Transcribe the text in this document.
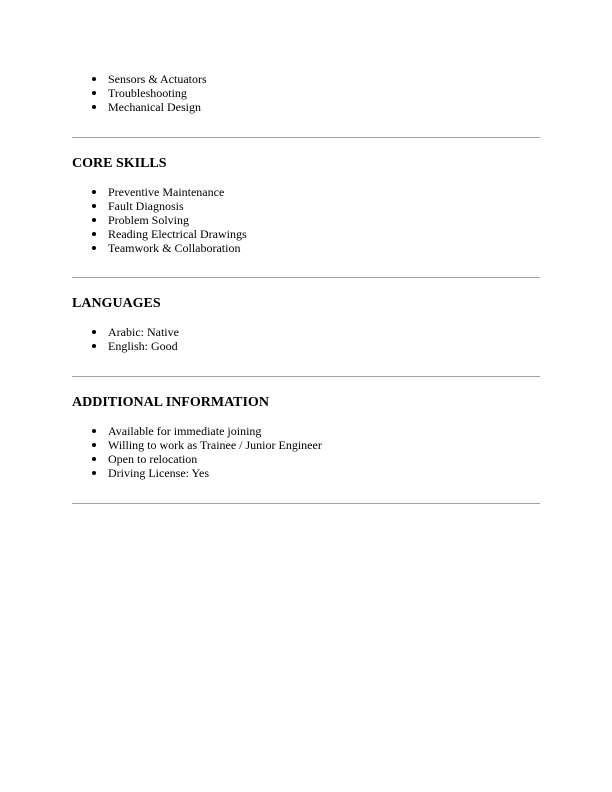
Sensors & Actuators
Troubleshooting
Mechanical Design
CORE SKILLS
Preventive Maintenance
Fault Diagnosis
Problem Solving
Reading Electrical Drawings
Teamwork & Collaboration
LANGUAGES
Arabic: Native
English: Good
ADDITIONAL INFORMATION
Available for immediate joining
Willing to work as Trainee / Junior Engineer
Open to relocation
Driving License: Yes
